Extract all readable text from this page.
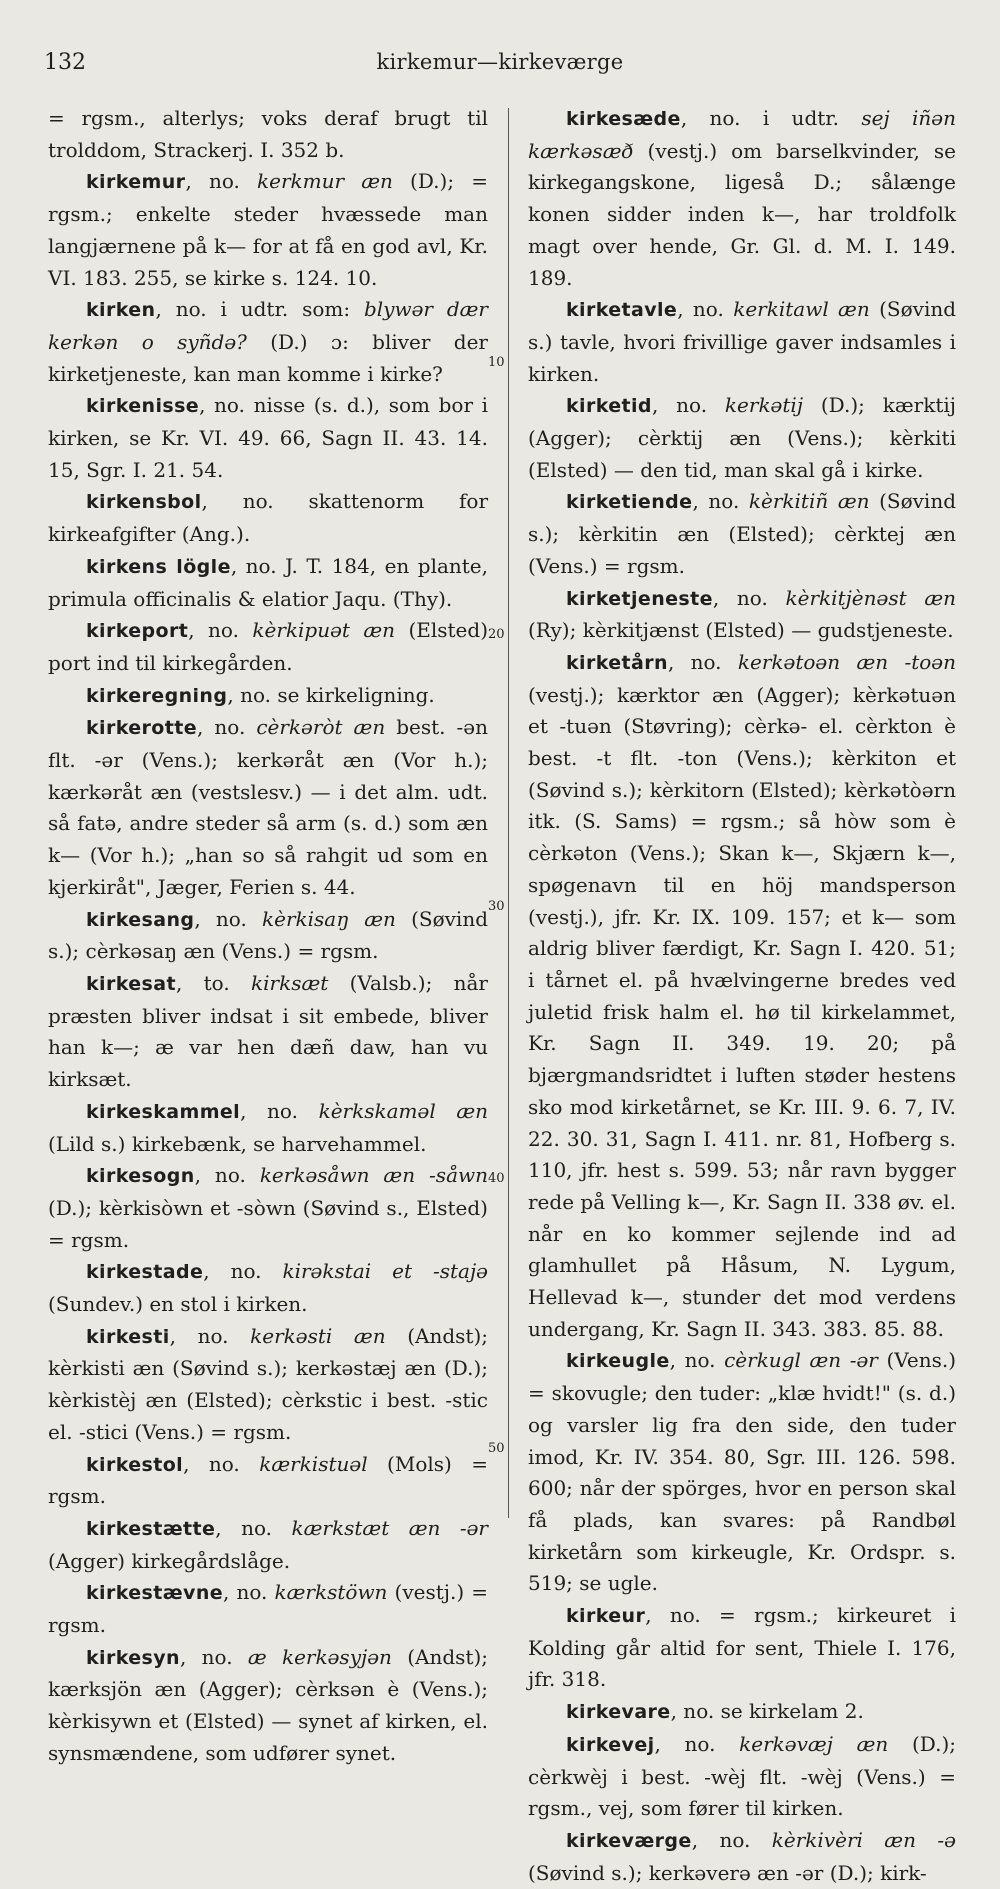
132	kirkemur—kirkeværge
10
20
30
40
50

= rgsm., alterlys; voks deraf brugt til trolddom, Strackerj. I. 352 b.

kirkemur, no. kerkmur æn (D.); = rgsm.; enkelte steder hvæssede man langjærnene på k— for at få en god avl, Kr. VI. 183. 255, se kirke s. 124. 10.

kirken, no. i udtr. som: blywər dær kerkən o syñdə? (D.) ɔ: bliver der kirketjeneste, kan man komme i kirke?

kirkenisse, no. nisse (s. d.), som bor i kirken, se Kr. VI. 49. 66, Sagn II. 43. 14. 15, Sgr. I. 21. 54.

kirkensbol, no. skattenorm for kirkeafgifter (Ang.).

kirkens lögle, no. J. T. 184, en plante, primula officinalis & elatior Jaqu. (Thy).

kirkeport, no. kèrkipuət æn (Elsted) port ind til kirkegården.

kirkeregning, no. se kirkeligning.

kirkerotte, no. cèrkəròt æn best. -ən flt. -ər (Vens.); kerkəråt æn (Vor h.); kærkəråt æn (vestslesv.) — i det alm. udt. så fatə, andre steder så arm (s. d.) som æn k— (Vor h.); „han so så rahgit ud som en kjerkiråt", Jæger, Ferien s. 44.

kirkesang, no. kèrkisaŋ æn (Søvind s.); cèrkəsaŋ æn (Vens.) = rgsm.

kirkesat, to. kirksæt (Valsb.); når præsten bliver indsat i sit embede, bliver han k—; æ var hen dæñ daw, han vu kirksæt.

kirkeskammel, no. kèrkskaməl æn (Lild s.) kirkebænk, se harvehammel.

kirkesogn, no. kerkəsåwn æn -såwn (D.); kèrkisòwn et -sòwn (Søvind s., Elsted) = rgsm.

kirkestade, no. kirəkstai et -stajə (Sundev.) en stol i kirken.

kirkesti, no. kerkəsti æn (Andst); kèrkisti æn (Søvind s.); kerkəstæj æn (D.); kèrkistèj æn (Elsted); cèrkstic i best. -stic el. -stici (Vens.) = rgsm.

kirkestol, no. kærkistuəl (Mols) = rgsm.

kirkestætte, no. kærkstæt æn -ər (Agger) kirkegårdslåge.

kirkestævne, no. kærkstöwn (vestj.) = rgsm.

kirkesyn, no. æ kerkəsyjən (Andst); kærksjön æn (Agger); cèrksən è (Vens.); kèrkisywn et (Elsted) — synet af kirken, el. synsmændene, som udfører synet.

kirkesæde, no. i udtr. sej iñən kærkəsæð (vestj.) om barselkvinder, se kirkegangskone, ligeså D.; sålænge konen sidder inden k—, har troldfolk magt over hende, Gr. Gl. d. M. I. 149. 189.

kirketavle, no. kerkitawl æn (Søvind s.) tavle, hvori frivillige gaver indsamles i kirken.

kirketid, no. kerkətij (D.); kærktij (Agger); cèrktij æn (Vens.); kèrkiti (Elsted) — den tid, man skal gå i kirke.

kirketiende, no. kèrkitiñ æn (Søvind s.); kèrkitin æn (Elsted); cèrktej æn (Vens.) = rgsm.

kirketjeneste, no. kèrkitjènəst æn (Ry); kèrkitjænst (Elsted) — gudstjeneste.

kirketårn, no. kerkətoən æn -toən (vestj.); kærktor æn (Agger); kèrkətuən et -tuən (Støvring); cèrkə- el. cèrkton è best. -t flt. -ton (Vens.); kèrkiton et (Søvind s.); kèrkitorn (Elsted); kèrkətòərn itk. (S. Sams) = rgsm.; så hòw som è cèrkəton (Vens.); Skan k—, Skjærn k—, spøgenavn til en höj mandsperson (vestj.), jfr. Kr. IX. 109. 157; et k— som aldrig bliver færdigt, Kr. Sagn I. 420. 51; i tårnet el. på hvælvingerne bredes ved juletid frisk halm el. hø til kirkelammet, Kr. Sagn II. 349. 19. 20; på bjærgmandsridtet i luften støder hestens sko mod kirketårnet, se Kr. III. 9. 6. 7, IV. 22. 30. 31, Sagn I. 411. nr. 81, Hofberg s. 110, jfr. hest s. 599. 53; når ravn bygger rede på Velling k—, Kr. Sagn II. 338 øv. el. når en ko kommer sejlende ind ad glamhullet på Håsum, N. Lygum, Hellevad k—, stunder det mod verdens undergang, Kr. Sagn II. 343. 383. 85. 88.

kirkeugle, no. cèrkugl æn -ər (Vens.) = skovugle; den tuder: „klæ hvidt!" (s. d.) og varsler lig fra den side, den tuder imod, Kr. IV. 354. 80, Sgr. III. 126. 598. 600; når der spörges, hvor en person skal få plads, kan svares: på Randbøl kirketårn som kirkeugle, Kr. Ordspr. s. 519; se ugle.

kirkeur, no. = rgsm.; kirkeuret i Kolding går altid for sent, Thiele I. 176, jfr. 318.

kirkevare, no. se kirkelam 2.

kirkevej, no. kerkəvæj æn (D.); cèrkwèj i best. -wèj flt. -wèj (Vens.) = rgsm., vej, som fører til kirken.

kirkeværge, no. kèrkivèri æn -ə (Søvind s.); kerkəverə æn -ər (D.); kirk-
